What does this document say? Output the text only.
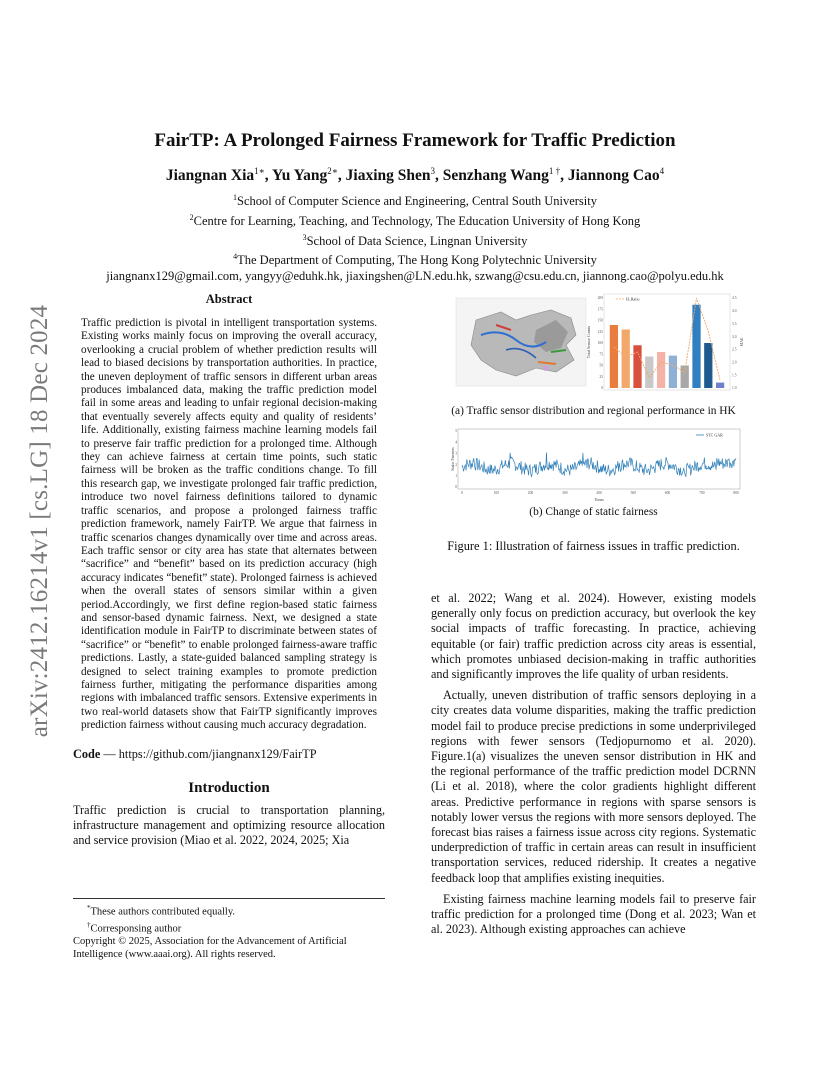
arXiv:2412.16214v1 [cs.LG] 18 Dec 2024
FairTP: A Prolonged Fairness Framework for Traffic Prediction
Jiangnan Xia$^{1∗}$, Yu Yang$^{2∗}$, Jiaxing Shen$^3$, Senzhang Wang$^{1 \dagger}$, Jiannong Cao$^4$
$^1$School of Computer Science and Engineering, Central South University
$^2$Centre for Learning, Teaching, and Technology, The Education University of Hong Kong
$^3$School of Data Science, Lingnan University
$^4$The Department of Computing, The Hong Kong Polytechnic University
jiangnanx129@gmail.com, yangyy@eduhk.hk, jiaxingshen@LN.edu.hk, szwang@csu.edu.cn, jiannong.cao@polyu.edu.hk
Abstract

Traffic prediction is pivotal in intelligent transportation systems. Existing works mainly focus on improving the overall accuracy, overlooking a crucial problem of whether prediction results will lead to biased decisions by transportation authorities. In practice, the uneven deployment of traffic sensors in different urban areas produces imbalanced data, making the traffic prediction model fail in some areas and leading to unfair regional decision-making that eventually severely affects equity and quality of residents’ life. Additionally, existing fairness machine learning models fail to preserve fair traffic prediction for a prolonged time. Although they can achieve fairness at certain time points, such static fairness will be broken as the traffic conditions change. To fill this research gap, we investigate prolonged fair traffic prediction, introduce two novel fairness definitions tailored to dynamic traffic scenarios, and propose a prolonged fairness traffic prediction framework, namely FairTP. We argue that fairness in traffic scenarios changes dynamically over time and across areas. Each traffic sensor or city area has state that alternates between “sacrifice” and “benefit” based on its prediction accuracy (high accuracy indicates “benefit” state). Prolonged fairness is achieved when the overall states of sensors similar within a given period.Accordingly, we first define region-based static fairness and sensor-based dynamic fairness. Next, we designed a state identification module in FairTP to discriminate between states of “sacrifice” or “benefit” to enable prolonged fairness-aware traffic predictions. Lastly, a state-guided balanced sampling strategy is designed to select training examples to promote prediction fairness further, mitigating the performance disparities among regions with imbalanced traffic sensors. Extensive experiments in two real-world datasets show that FairTP significantly improves prediction fairness without causing much accuracy degradation.

Code — https://github.com/jiangnanx129/FairTP
Introduction

Traffic prediction is crucial to transportation planning, infrastructure management and optimizing resource allocation and service provision (Miao et al. 2022, 2024, 2025; Xia

*These authors contributed equally.
†Corresponsing author
Copyright © 2025, Association for the Advancement of Artificial Intelligence (www.aaai.org). All rights reserved.
0
25
50
75
100
125
150
175
200
1.0
1.5
2.0
2.5
3.0
3.5
4.0
4.5
Total Sensor Counts	MAE
H_Ratio
(a) Traffic sensor distribution and regional performance in HK
0	100	200	300	400	500	600	700	800
0
1
2
3
4
5
Times
Static Fairness
STC GAR
(b) Change of static fairness
Figure 1: Illustration of fairness issues in traffic prediction.

et al. 2022; Wang et al. 2024). However, existing models generally only focus on prediction accuracy, but overlook the key social impacts of traffic forecasting. In practice, achieving equitable (or fair) traffic prediction across city areas is essential, which promotes unbiased decision-making in traffic authorities and significantly improves the life quality of urban residents.

Actually, uneven distribution of traffic sensors deploying in a city creates data volume disparities, making the traffic prediction model fail to produce precise predictions in some underprivileged regions with fewer sensors (Tedjopurnomo et al. 2020). Figure.1(a) visualizes the uneven sensor distribution in HK and the regional performance of the traffic prediction model DCRNN (Li et al. 2018), where the color gradients highlight different areas. Predictive performance in regions with sparse sensors is notably lower versus the regions with more sensors deployed. The forecast bias raises a fairness issue across city regions. Systematic underprediction of traffic in certain areas can result in insufficient transportation services, reduced ridership. It creates a negative feedback loop that amplifies existing inequities.

Existing fairness machine learning models fail to preserve fair traffic prediction for a prolonged time (Dong et al. 2023; Wan et al. 2023). Although existing approaches can achieve
